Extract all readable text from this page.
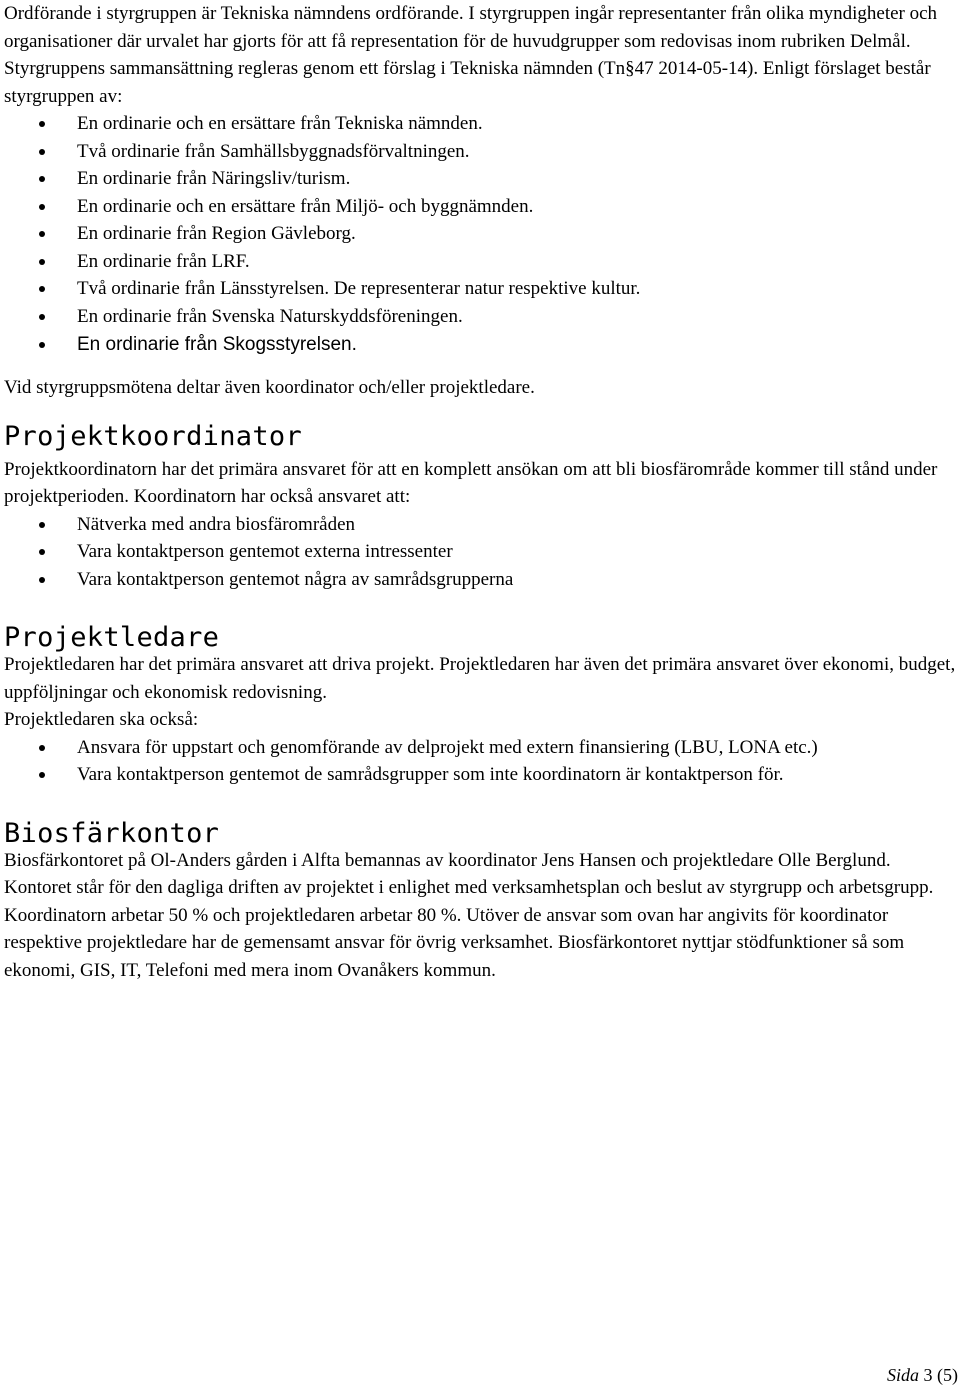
Ordförande i styrgruppen är Tekniska nämndens ordförande. I styrgruppen ingår representanter från olika myndigheter och organisationer där urvalet har gjorts för att få representation för de huvudgrupper som redovisas inom rubriken Delmål. Styrgruppens sammansättning regleras genom ett förslag i Tekniska nämnden (Tn§47 2014-05-14). Enligt förslaget består styrgruppen av:

En ordinarie och en ersättare från Tekniska nämnden.
Två ordinarie från Samhällsbyggnadsförvaltningen.
En ordinarie från Näringsliv/turism.
En ordinarie och en ersättare från Miljö- och byggnämnden.
En ordinarie från Region Gävleborg.
En ordinarie från LRF.
Två ordinarie från Länsstyrelsen. De representerar natur respektive kultur.
En ordinarie från Svenska Naturskyddsföreningen.
En ordinarie från Skogsstyrelsen.

Vid styrgruppsmötena deltar även koordinator och/eller projektledare.

Projektkoordinator

Projektkoordinatorn har det primära ansvaret för att en komplett ansökan om att bli biosfärområde kommer till stånd under projektperioden. Koordinatorn har också ansvaret att:

Nätverka med andra biosfärområden
Vara kontaktperson gentemot externa intressenter
Vara kontaktperson gentemot några av samrådsgrupperna
Projektledare

Projektledaren har det primära ansvaret att driva projekt. Projektledaren har även det primära ansvaret över ekonomi, budget, uppföljningar och ekonomisk redovisning.

Projektledaren ska också:

Ansvara för uppstart och genomförande av delprojekt med extern finansiering (LBU, LONA etc.)
Vara kontaktperson gentemot de samrådsgrupper som inte koordinatorn är kontaktperson för.
Biosfärkontor

Biosfärkontoret på Ol-Anders gården i Alfta bemannas av koordinator Jens Hansen och projektledare Olle Berglund. Kontoret står för den dagliga driften av projektet i enlighet med verksamhetsplan och beslut av styrgrupp och arbetsgrupp. Koordinatorn arbetar 50 % och projektledaren arbetar 80 %. Utöver de ansvar som ovan har angivits för koordinator respektive projektledare har de gemensamt ansvar för övrig verksamhet. Biosfärkontoret nyttjar stödfunktioner så som ekonomi, GIS, IT, Telefoni med mera inom Ovanåkers kommun.

Sida 3 (5)
